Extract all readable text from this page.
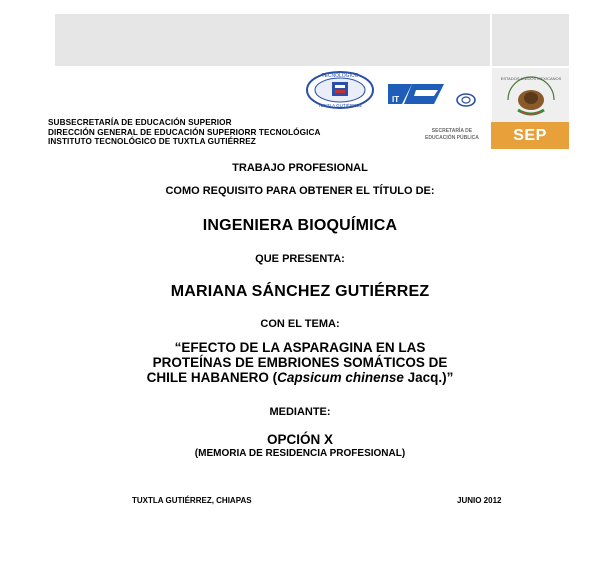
SUBSECRETARÍA DE EDUCACIÓN SUPERIOR
DIRECCIÓN GENERAL DE EDUCACIÓN SUPERIORR TECNOLÓGICA
INSTITUTO TECNOLÓGICO DE TUXTLA GUTIÉRREZ
TECNOLÓGICO
TUXTLA GUTIÉRREZ
IT
ESTADOS UNIDOS MEXICANOS
SECRETARÍA DE
EDUCACIÓN PÚBLICA SEP
TRABAJO PROFESIONAL
COMO REQUISITO PARA OBTENER EL TÍTULO DE:
INGENIERA BIOQUÍMICA
QUE PRESENTA:
MARIANA SÁNCHEZ GUTIÉRREZ
CON EL TEMA:
“EFECTO DE LA ASPARAGINA EN LAS
PROTEÍNAS DE EMBRIONES SOMÁTICOS DE
CHILE HABANERO (Capsicum chinense Jacq.)”
MEDIANTE:
OPCIÓN X
(MEMORIA DE RESIDENCIA PROFESIONAL)
TUXTLA GUTIÉRREZ, CHIAPAS	JUNIO 2012
